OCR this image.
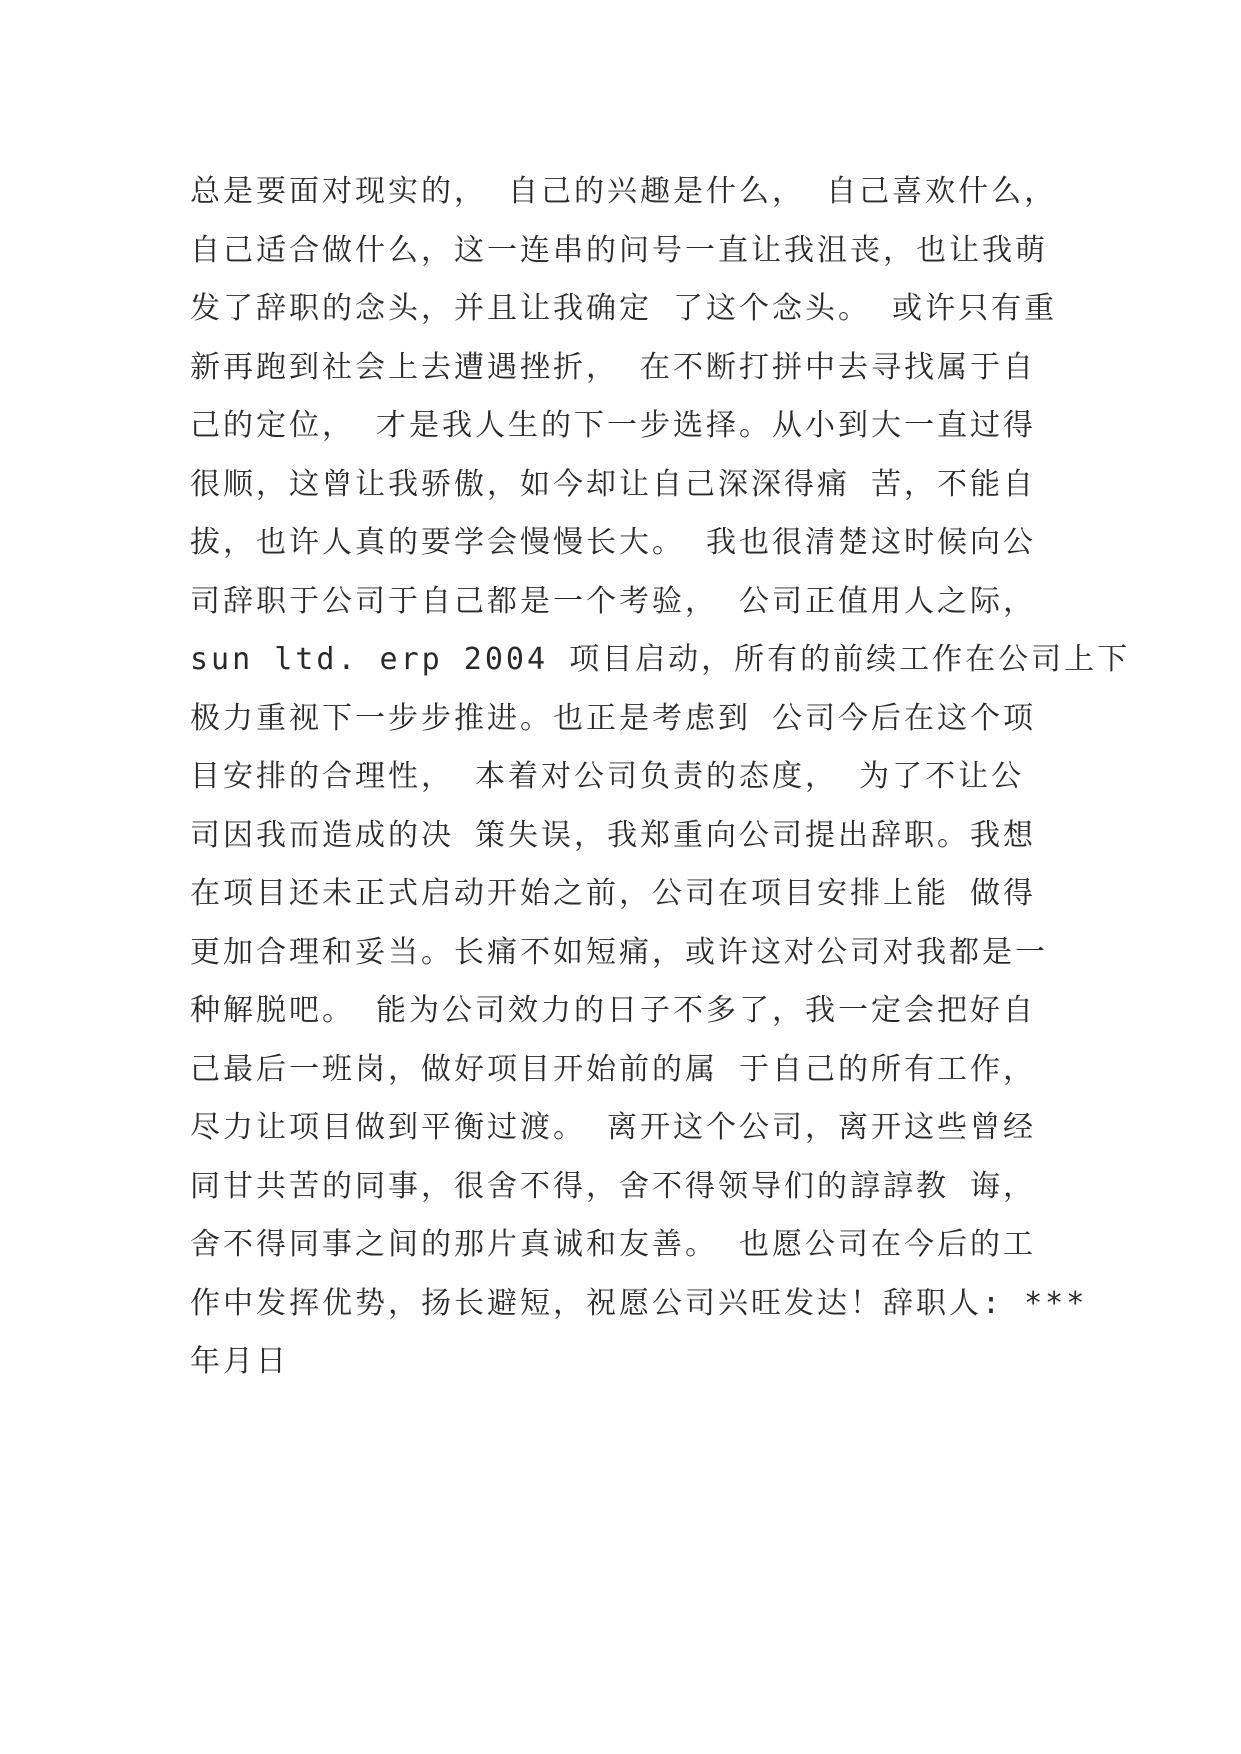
总是要面对现实的， 自己的兴趣是什么， 自己喜欢什么，
自己适合做什么，这一连串的问号一直让我沮丧，也让我萌
发了辞职的念头，并且让我确定 了这个念头。 或许只有重
新再跑到社会上去遭遇挫折， 在不断打拼中去寻找属于自
己的定位， 才是我人生的下一步选择。从小到大一直过得
很顺，这曾让我骄傲，如今却让自己深深得痛 苦，不能自
拔，也许人真的要学会慢慢长大。 我也很清楚这时候向公
司辞职于公司于自己都是一个考验， 公司正值用人之际，
sun ltd. erp 2004 项目启动，所有的前续工作在公司上下
极力重视下一步步推进。也正是考虑到 公司今后在这个项
目安排的合理性， 本着对公司负责的态度， 为了不让公
司因我而造成的决 策失误，我郑重向公司提出辞职。我想
在项目还未正式启动开始之前，公司在项目安排上能 做得
更加合理和妥当。长痛不如短痛，或许这对公司对我都是一
种解脱吧。 能为公司效力的日子不多了，我一定会把好自
己最后一班岗，做好项目开始前的属 于自己的所有工作，
尽力让项目做到平衡过渡。 离开这个公司，离开这些曾经
同甘共苦的同事，很舍不得，舍不得领导们的諄諄教 诲，
舍不得同事之间的那片真诚和友善。 也愿公司在今后的工
作中发挥优势，扬长避短，祝愿公司兴旺发达！辞职人: ***
年月日
